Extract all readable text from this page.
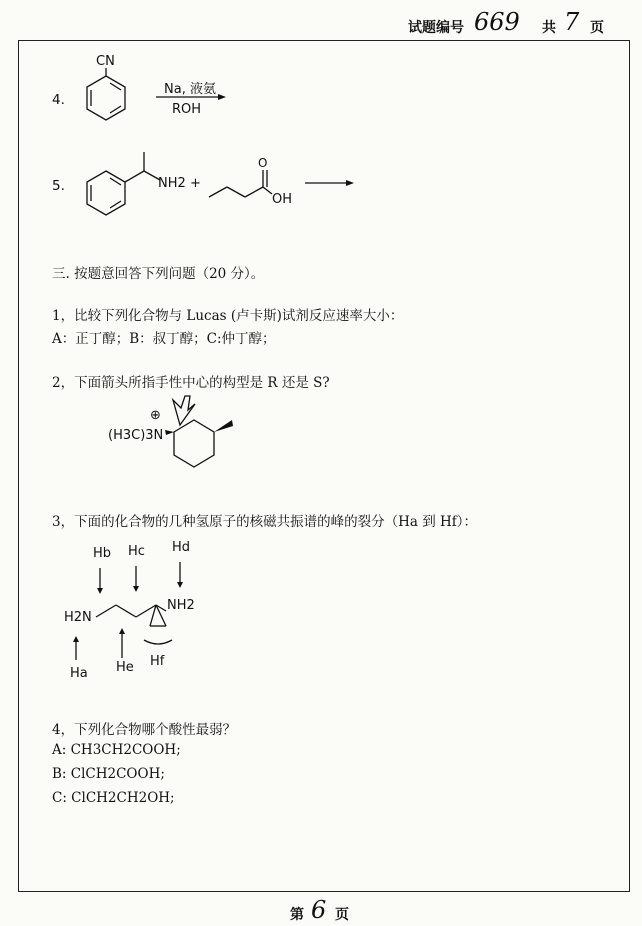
试题编号 669 共 7 页
4.
CN
Na, 液氨
ROH
5.	NH2 +
O
OH
三. 按题意回答下列问题（20 分）。
1，比较下列化合物与 Lucas (卢卡斯)试剂反应速率大小：
A：正丁醇；B：叔丁醇；C:仲丁醇；
2，下面箭头所指手性中心的构型是 R 还是 S?
⊕
(H3C)3N
3，下面的化合物的几种氢原子的核磁共振谱的峰的裂分（Ha 到 Hf）：
Hb Hc Hd
H2N
NH2
Ha He Hf
4，下列化合物哪个酸性最弱？
A: CH3CH2COOH;
B: ClCH2COOH;
C: ClCH2CH2OH;
第 6 页
